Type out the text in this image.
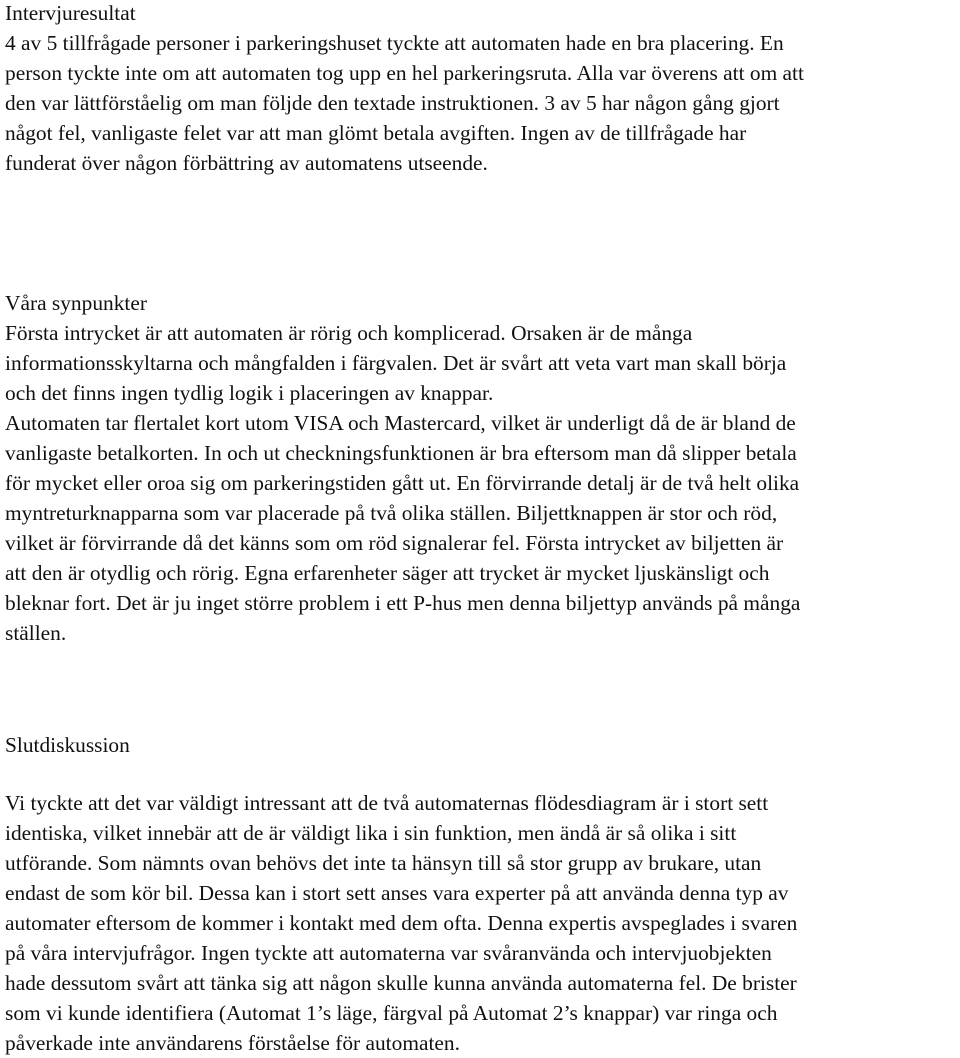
Intervjuresultat
4 av 5 tillfrågade personer i parkeringshuset tyckte att automaten hade en bra placering. En
person tyckte inte om att automaten tog upp en hel parkeringsruta. Alla var överens att om att
den var lättförståelig om man följde den textade instruktionen. 3 av 5 har någon gång gjort
något fel, vanligaste felet var att man glömt betala avgiften. Ingen av de tillfrågade har
funderat över någon förbättring av automatens utseende.
Våra synpunkter
Första intrycket är att automaten är rörig och komplicerad. Orsaken är de många
informationsskyltarna och mångfalden i färgvalen. Det är svårt att veta vart man skall börja
och det finns ingen tydlig logik i placeringen av knappar.
Automaten tar flertalet kort utom VISA och Mastercard, vilket är underligt då de är bland de
vanligaste betalkorten. In och ut checkningsfunktionen är bra eftersom man då slipper betala
för mycket eller oroa sig om parkeringstiden gått ut. En förvirrande detalj är de två helt olika
myntreturknapparna som var placerade på två olika ställen. Biljettknappen är stor och röd,
vilket är förvirrande då det känns som om röd signalerar fel. Första intrycket av biljetten är
att den är otydlig och rörig. Egna erfarenheter säger att trycket är mycket ljuskänsligt och
bleknar fort. Det är ju inget större problem i ett P-hus men denna biljettyp används på många
ställen.
Slutdiskussion
Vi tyckte att det var väldigt intressant att de två automaternas flödesdiagram är i stort sett
identiska, vilket innebär att de är väldigt lika i sin funktion, men ändå är så olika i sitt
utförande. Som nämnts ovan behövs det inte ta hänsyn till så stor grupp av brukare, utan
endast de som kör bil. Dessa kan i stort sett anses vara experter på att använda denna typ av
automater eftersom de kommer i kontakt med dem ofta. Denna expertis avspeglades i svaren
på våra intervjufrågor. Ingen tyckte att automaterna var svåranvända och intervjuobjekten
hade dessutom svårt att tänka sig att någon skulle kunna använda automaterna fel. De brister
som vi kunde identifiera (Automat 1’s läge, färgval på Automat 2’s knappar) var ringa och
påverkade inte användarens förståelse för automaten.
